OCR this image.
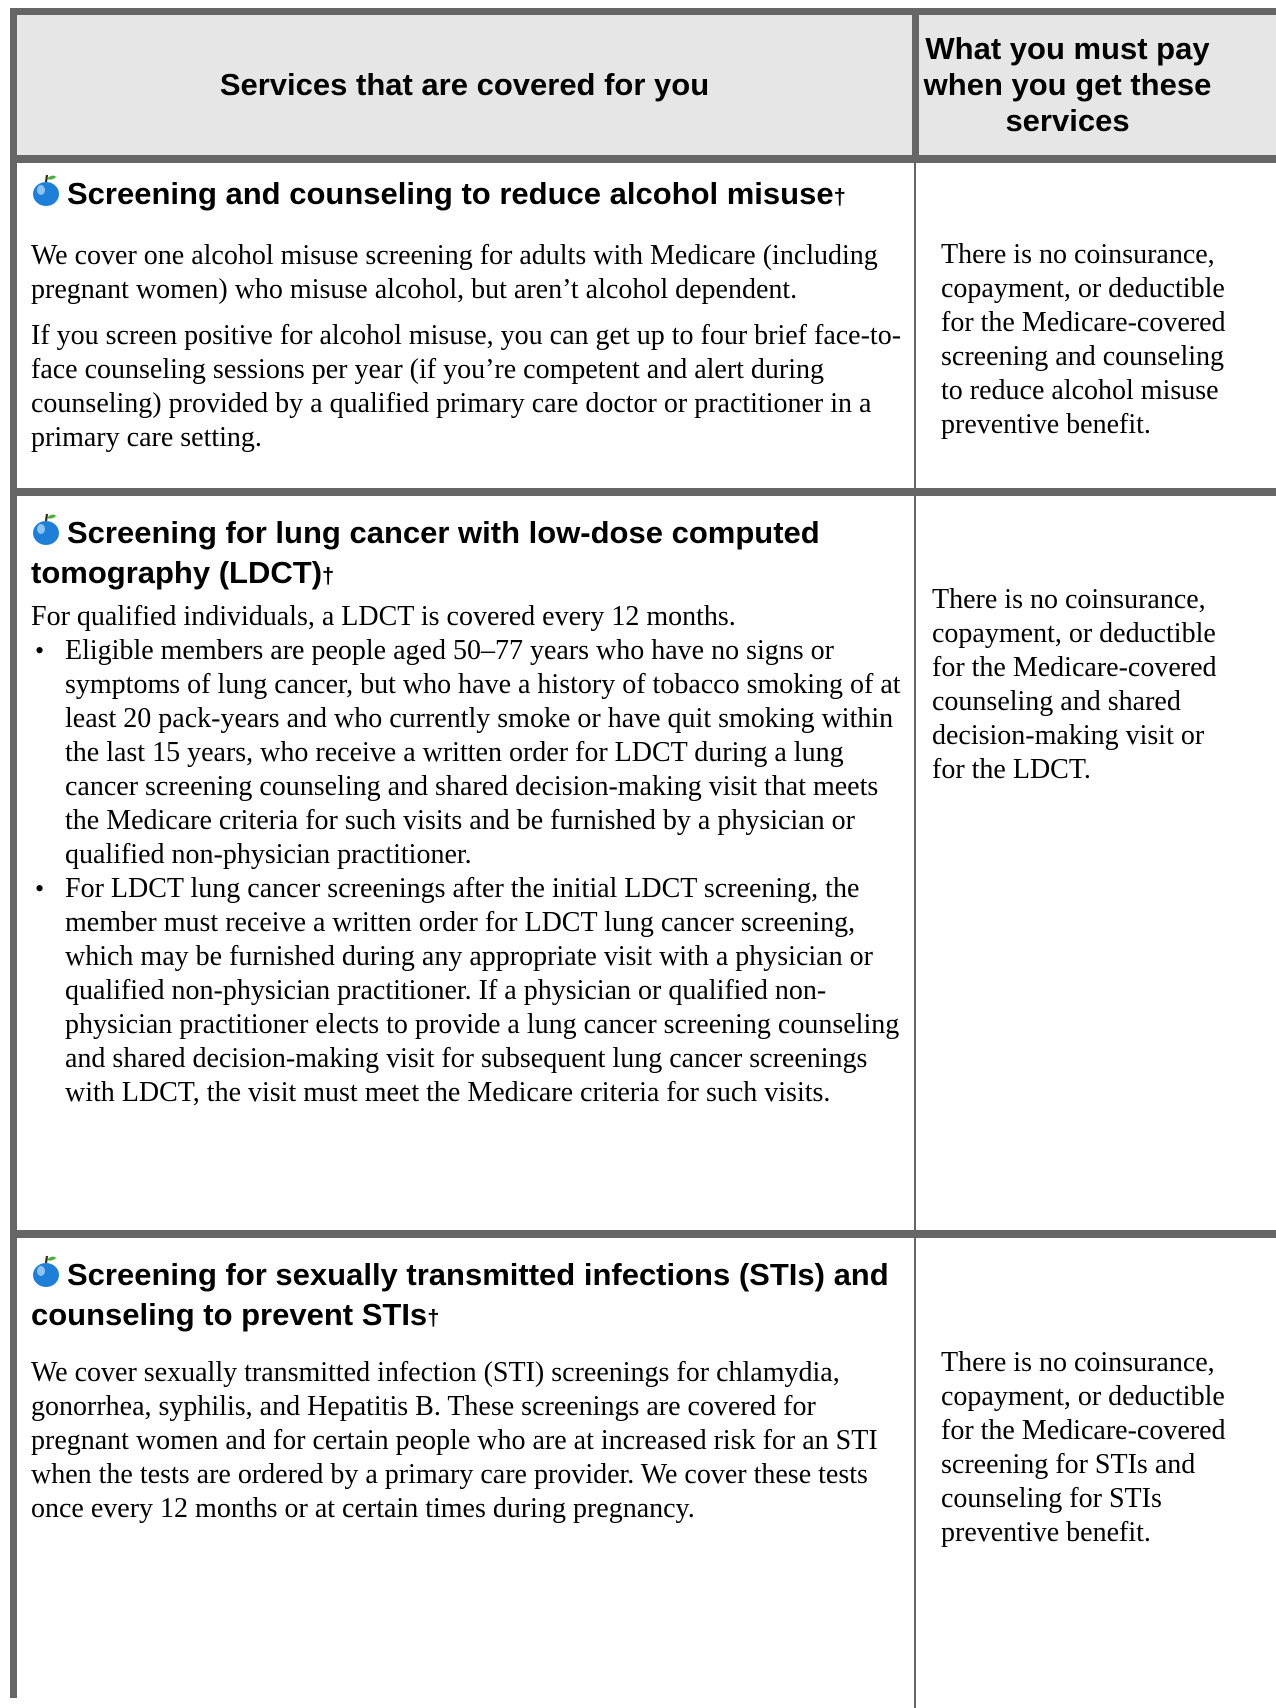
Services that are covered for you
What you must pay when you get these services
Screening and counseling to reduce alcohol misuse†
We cover one alcohol misuse screening for adults with Medicare (including pregnant women) who misuse alcohol, but aren’t alcohol dependent.
If you screen positive for alcohol misuse, you can get up to four brief face-to-face counseling sessions per year (if you’re competent and alert during counseling) provided by a qualified primary care doctor or practitioner in a primary care setting.
There is no coinsurance, copayment, or deductible for the Medicare-covered screening and counseling to reduce alcohol misuse preventive benefit.
Screening for lung cancer with low-dose computed tomography (LDCT)†
For qualified individuals, a LDCT is covered every 12 months.
• Eligible members are people aged 50–77 years who have no signs or symptoms of lung cancer, but who have a history of tobacco smoking of at least 20 pack-years and who currently smoke or have quit smoking within the last 15 years, who receive a written order for LDCT during a lung cancer screening counseling and shared decision-making visit that meets the Medicare criteria for such visits and be furnished by a physician or qualified non-physician practitioner.
• For LDCT lung cancer screenings after the initial LDCT screening, the member must receive a written order for LDCT lung cancer screening, which may be furnished during any appropriate visit with a physician or qualified non-physician practitioner. If a physician or qualified non-physician practitioner elects to provide a lung cancer screening counseling and shared decision-making visit for subsequent lung cancer screenings with LDCT, the visit must meet the Medicare criteria for such visits.
There is no coinsurance, copayment, or deductible for the Medicare-covered counseling and shared decision-making visit or for the LDCT.
Screening for sexually transmitted infections (STIs) and counseling to prevent STIs†
We cover sexually transmitted infection (STI) screenings for chlamydia, gonorrhea, syphilis, and Hepatitis B. These screenings are covered for pregnant women and for certain people who are at increased risk for an STI when the tests are ordered by a primary care provider. We cover these tests once every 12 months or at certain times during pregnancy.
There is no coinsurance, copayment, or deductible for the Medicare-covered screening for STIs and counseling for STIs preventive benefit.
